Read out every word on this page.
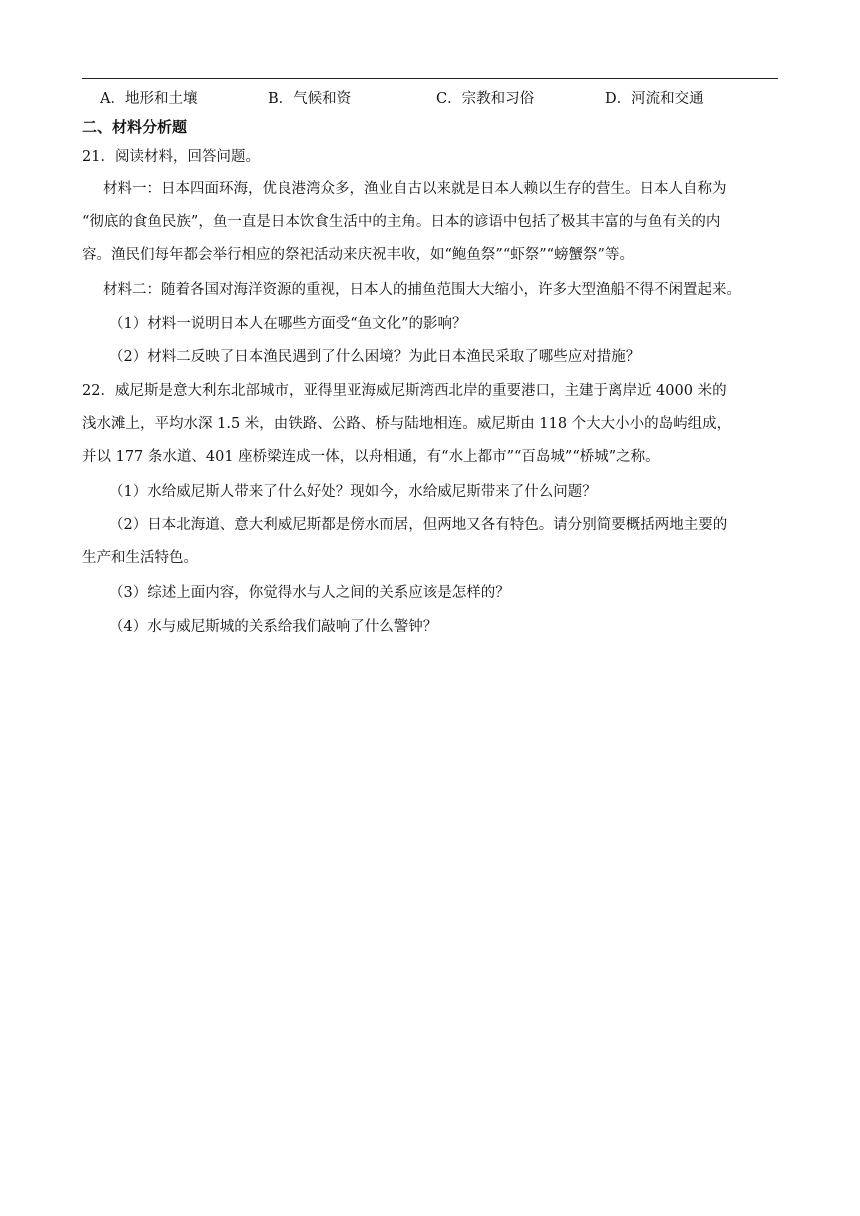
A．地形和土壤	B．气候和资	C．宗教和习俗	D．河流和交通
二、材料分析题
21．阅读材料，回答问题。
材料一：日本四面环海，优良港湾众多，渔业自古以来就是日本人赖以生存的营生。日本人自称为
“彻底的食鱼民族”，鱼一直是日本饮食生活中的主角。日本的谚语中包括了极其丰富的与鱼有关的内
容。渔民们每年都会举行相应的祭祀活动来庆祝丰收，如“鲍鱼祭”“虾祭”“螃蟹祭”等。
材料二：随着各国对海洋资源的重视，日本人的捕鱼范围大大缩小，许多大型渔船不得不闲置起来。
（1）材料一说明日本人在哪些方面受“鱼文化”的影响？
（2）材料二反映了日本渔民遇到了什么困境？为此日本渔民采取了哪些应对措施？
22．威尼斯是意大利东北部城市，亚得里亚海威尼斯湾西北岸的重要港口，主建于离岸近 4000 米的
浅水滩上，平均水深 1.5 米，由铁路、公路、桥与陆地相连。威尼斯由 118 个大大小小的岛屿组成，
并以 177 条水道、401 座桥梁连成一体，以舟相通，有“水上都市”“百岛城”“桥城”之称。
（1）水给威尼斯人带来了什么好处？现如今，水给威尼斯带来了什么问题？
（2）日本北海道、意大利威尼斯都是傍水而居，但两地又各有特色。请分别简要概括两地主要的
生产和生活特色。
（3）综述上面内容，你觉得水与人之间的关系应该是怎样的？
（4）水与威尼斯城的关系给我们敲响了什么警钟？
